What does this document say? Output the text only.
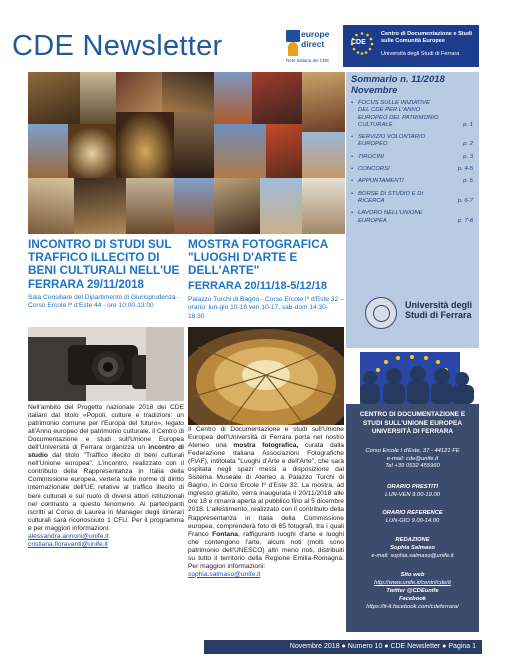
CDE Newsletter	europe
direct
Rete Italiana dei CDE
CDE
Centro di Documentazione e Studi sulle Comunità Europee
Università degli Studi di Ferrara
Sommario n. 11/2018 Novembre
• FOCUS SULLE INIZIATIVE DEL CDE PER L'ANNO EUROPEO DEL PATRIMONIO CULTURALE	p. 1
• SERVIZIO VOLONTARIO EUROPEO	p. 2
• TIROCINI	p. 3
• CONCORSI	p. 4-5
• APPUNTAMENTI	p. 5
• BORSE DI STUDIO E DI RICERCA	p. 6-7
• LAVORO NELL'UNIONE EUROPEA	p. 7-8
Università degli Studi di Ferrara
INCONTRO DI STUDI SUL TRAFFICO ILLECITO DI BENI CULTURALI NELL'UE
FERRARA 29/11/2018
Sala Consiliare del Dipartimento di Giurisprudenza - Corso Ercole Iº d'Este 44 - ore 10:00-13:00
Nell'ambito del Progetto nazionale 2018 dei CDE italiani dal titolo «Popoli, culture e tradizioni: un patrimonio comune per l'Europa del futuro», legato all'Anno europeo del patrimonio culturale, il Centro di Documentazione e studi sull'Unione Europea dell'Università di Ferrara organizza un incontro di studio dal titolo "Traffico illecito di beni culturali nell'Unione europea". L'incontro, realizzato con il contributo della Rappresentanza in Italia della Commissione europea, verterà sulle norme di diritto internazionale dell'UE relative al traffico illecito di beni culturali e sul ruolo di diversi attori istituzionali nel contrasto a questo fenomeno. Ai partecipanti iscritti al Corso di Laurea in Manager degli itinerari culturali sarà riconosciuto 1 CFU. Per il programma e per maggiori informazioni:
alessandra.annoni@unife.it
cristiana.fioravanti@unife.it
MOSTRA FOTOGRAFICA "LUOGHI D'ARTE E DELL'ARTE"
FERRARA 20/11/18-5/12/18
Palazzo Turchi di Bagno - Corso Ercole Iº d'Este 32 – orario: lun-gio 10-18 ven 10-17, sab-dom 14:30-18:30
Il Centro di Documentazione e studi sull'Unione Europea dell'Università di Ferrara porta nel nostro Ateneo una mostra fotografica, curata dalla Federazione Italiana Associazioni Fotografiche (FIAF), intitolata "Luoghi d'Arte e dell'Arte", che sarà ospitata negli spazi messi a disposizione dal Sistema Museale di Ateneo a Palazzo Turchi di Bagno, in Corso Ercole Iº d'Este 32. La mostra, ad ingresso gratuito, verrà inaugurata il 20/11/2018 alle ore 18 e rimarrà aperta al pubblico fino al 5 dicembre 2018. L'allestimento, realizzato con il contributo della Rappresentanza in Italia della Commissione europea, comprenderà foto di 65 fotografi, tra i quali Franco Fontana, raffiguranti luoghi d'arte e luoghi che contengono l'arte, alcuni noti (molti sono patrimonio dell'UNESCO) altri meno noti, distribuiti su tutto il territorio della Regione Emilia-Romagna. Per maggiori informazioni:
sophia.salmaso@unife.it
CENTRO DI DOCUMENTAZIONE E STUDI SULL'UNIONE EUROPEA UNIVERSITÀ DI FERRARA
Corso Ercole I d'Este, 37 - 44121 FE
e-mail: cde@unife.it
Tel +39 0532 455960
ORARIO PRESTITI
LUN-VEN 9.00-19.00
ORARIO REFERENCE
LUN-GIO 9.00-14.00
REDAZIONE
Sophia Salmaso
e-mail: sophia.salmaso@unife.it
Sito web
http://www.unife.it/centri/cde/it
Twitter @CDEunife
Facebook
https://it-it.facebook.com/cdeferrara/
Novembre 2018 ● Numero 10 ● CDE Newsletter ● Pagina 1
